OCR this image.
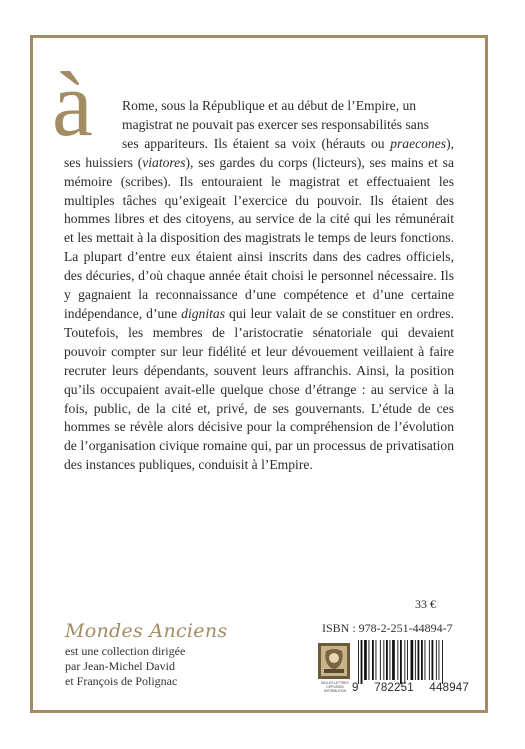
à	Rome, sous la République et au début de l’Empire, un
magistrat ne pouvait pas exercer ses responsabilités sans
ses appariteurs. Ils étaient sa voix (hérauts ou praecones), ses huissiers (viatores), ses gardes du corps (licteurs), ses mains et sa mémoire (scribes). Ils entouraient le magistrat et effectuaient les multiples tâches qu’exigeait l’exercice du pouvoir. Ils étaient des hommes libres et des citoyens, au service de la cité qui les rémunérait et les mettait à la disposition des magistrats le temps de leurs fonctions. La plupart d’entre eux étaient ainsi inscrits dans des cadres officiels, des décuries, d’où chaque année était choisi le personnel nécessaire. Ils y gagnaient la reconnaissance d’une compétence et d’une certaine indépendance, d’une dignitas qui leur valait de se constituer en ordres. Toutefois, les membres de l’aristocratie sénatoriale qui devaient pouvoir compter sur leur fidélité et leur dévouement veillaient à faire recruter leurs dépendants, souvent leurs affranchis. Ainsi, la position qu’ils occupaient avait-elle quelque chose d’étrange : au service à la fois, public, de la cité et, privé, de ses gouvernants. L’étude de ces hommes se révèle alors décisive pour la compréhension de l’évolution de l’organisation civique romaine qui, par un processus de privatisation des instances publiques, conduisit à l’Empire.
33 €
Mondes Anciens
est une collection dirigée
par Jean-Michel David
et François de Polignac
ISBN : 978-2-251-44894-7
BELLES LETTRES DIFFUSION DISTRIBUTION 9 782251 448947
